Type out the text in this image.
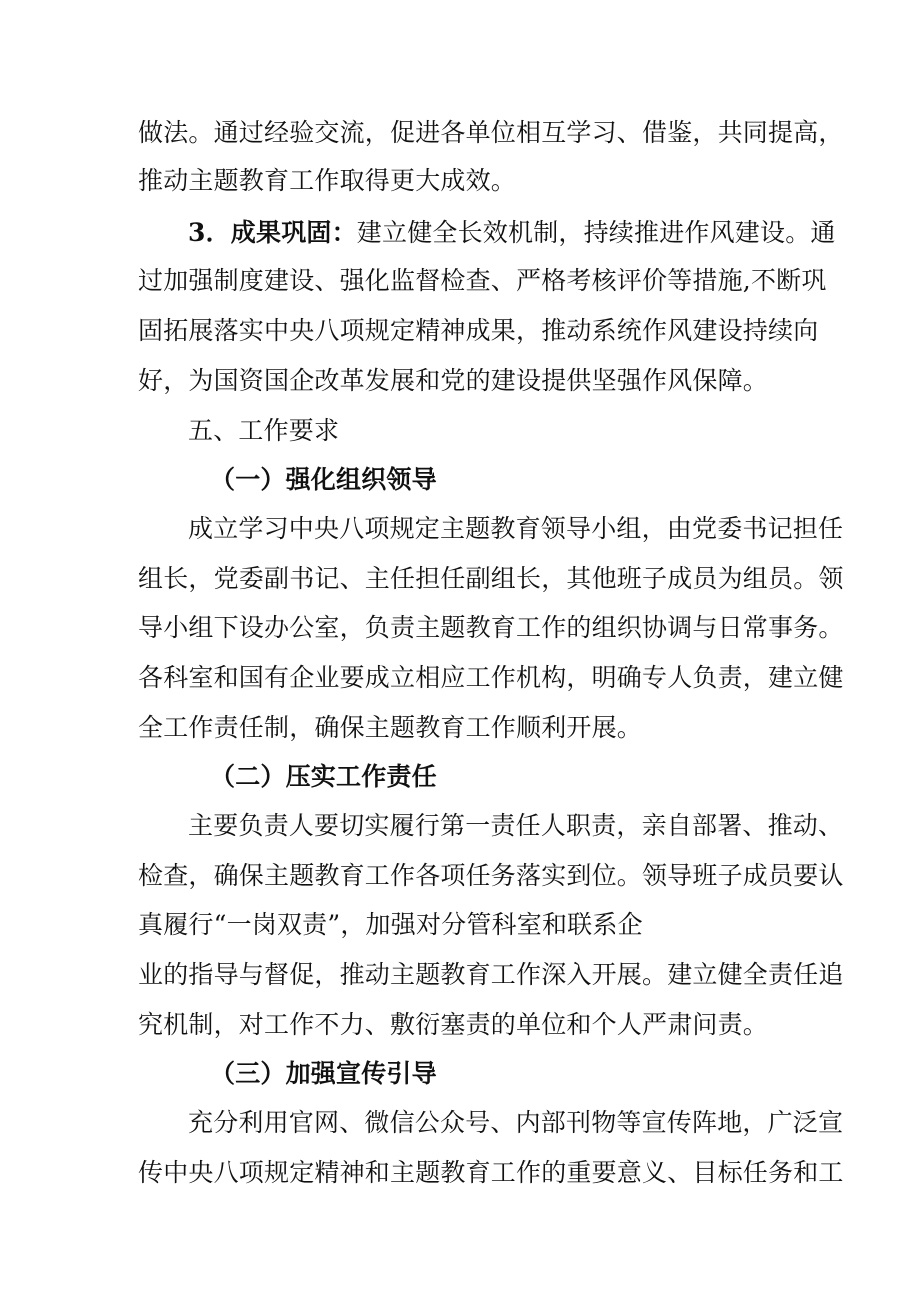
做法。通过经验交流，促进各单位相互学习、借鉴，共同提高，
推动主题教育工作取得更大成效。
3．成果巩固：建立健全长效机制，持续推进作风建设。通
过加强制度建设、强化监督检查、严格考核评价等措施,不断巩
固拓展落实中央八项规定精神成果，推动系统作风建设持续向
好，为国资国企改革发展和党的建设提供坚强作风保障。
五、工作要求
（一）强化组织领导
成立学习中央八项规定主题教育领导小组，由党委书记担任
组长，党委副书记、主任担任副组长，其他班子成员为组员。领
导小组下设办公室，负责主题教育工作的组织协调与日常事务。
各科室和国有企业要成立相应工作机构，明确专人负责，建立健
全工作责任制，确保主题教育工作顺利开展。
（二）压实工作责任
主要负责人要切实履行第一责任人职责，亲自部署、推动、
检查，确保主题教育工作各项任务落实到位。领导班子成员要认
真履行“一岗双责”，加强对分管科室和联系企
业的指导与督促，推动主题教育工作深入开展。建立健全责任追
究机制，对工作不力、敷衍塞责的单位和个人严肃问责。
（三）加强宣传引导
充分利用官网、微信公众号、内部刊物等宣传阵地，广泛宣
传中央八项规定精神和主题教育工作的重要意义、目标任务和工
